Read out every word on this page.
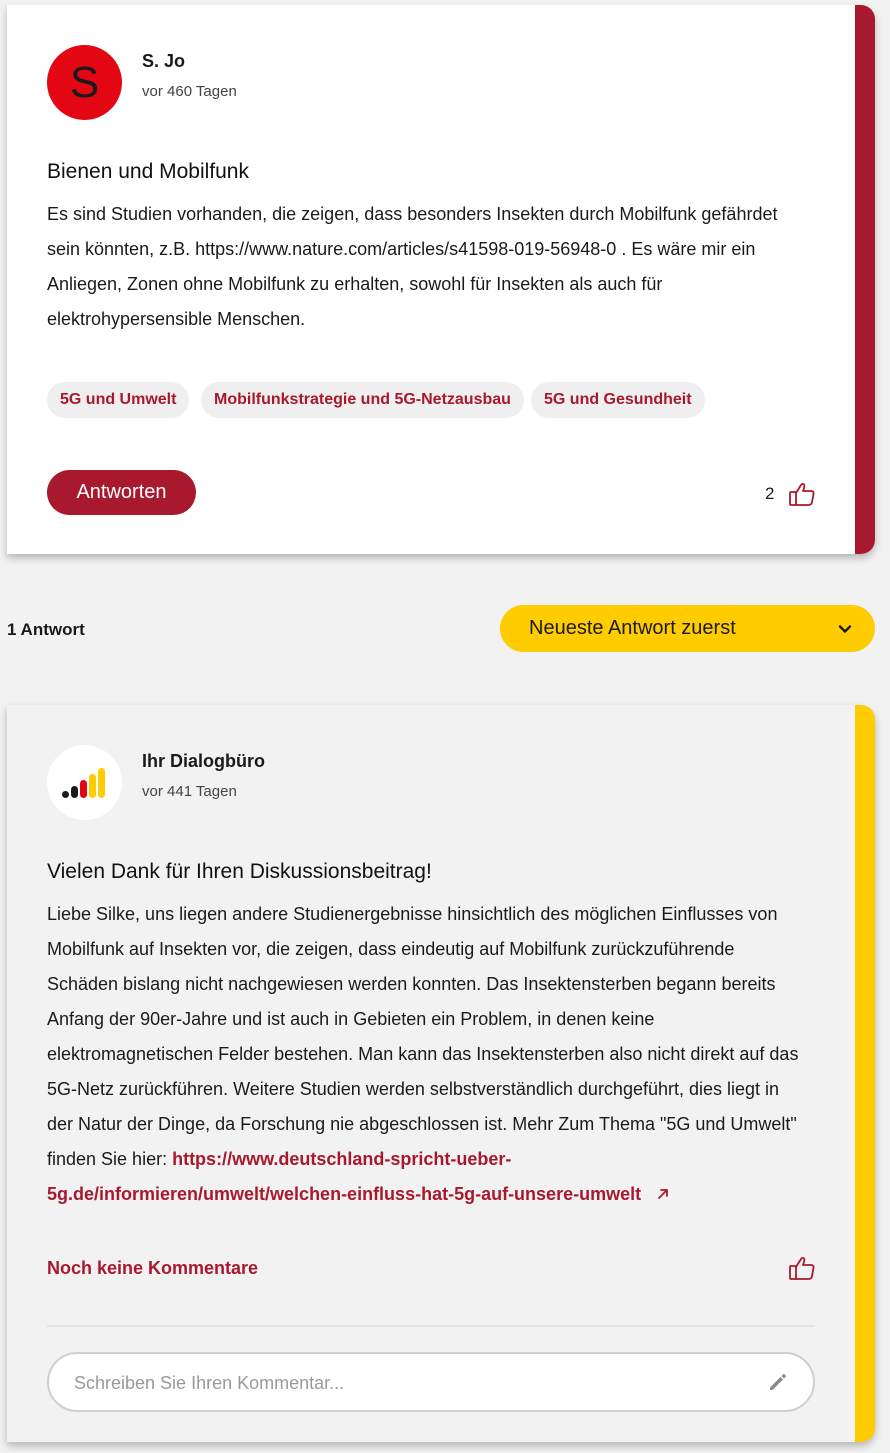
S S. Jo
vor 460 Tagen
Bienen und Mobilfunk
Es sind Studien vorhanden, die zeigen, dass besonders Insekten durch Mobilfunk gefährdet
sein könnten, z.B. https://www.nature.com/articles/s41598-019-56948-0 . Es wäre mir ein
Anliegen, Zonen ohne Mobilfunk zu erhalten, sowohl für Insekten als auch für
elektrohypersensible Menschen.
5G und Umwelt	Mobilfunkstrategie und 5G-Netzausbau	5G und Gesundheit
Antworten	2
1 Antwort	Neueste Antwort zuerst
Ihr Dialogbüro
vor 441 Tagen
Vielen Dank für Ihren Diskussionsbeitrag!
Liebe Silke, uns liegen andere Studienergebnisse hinsichtlich des möglichen Einflusses von
Mobilfunk auf Insekten vor, die zeigen, dass eindeutig auf Mobilfunk zurückzuführende
Schäden bislang nicht nachgewiesen werden konnten. Das Insektensterben begann bereits
Anfang der 90er-Jahre und ist auch in Gebieten ein Problem, in denen keine
elektromagnetischen Felder bestehen. Man kann das Insektensterben also nicht direkt auf das
5G-Netz zurückführen. Weitere Studien werden selbstverständlich durchgeführt, dies liegt in
der Natur der Dinge, da Forschung nie abgeschlossen ist. Mehr Zum Thema "5G und Umwelt"
finden Sie hier: https://www.deutschland-spricht-ueber-
5g.de/informieren/umwelt/welchen-einfluss-hat-5g-auf-unsere-umwelt
Noch keine Kommentare
Schreiben Sie Ihren Kommentar...
